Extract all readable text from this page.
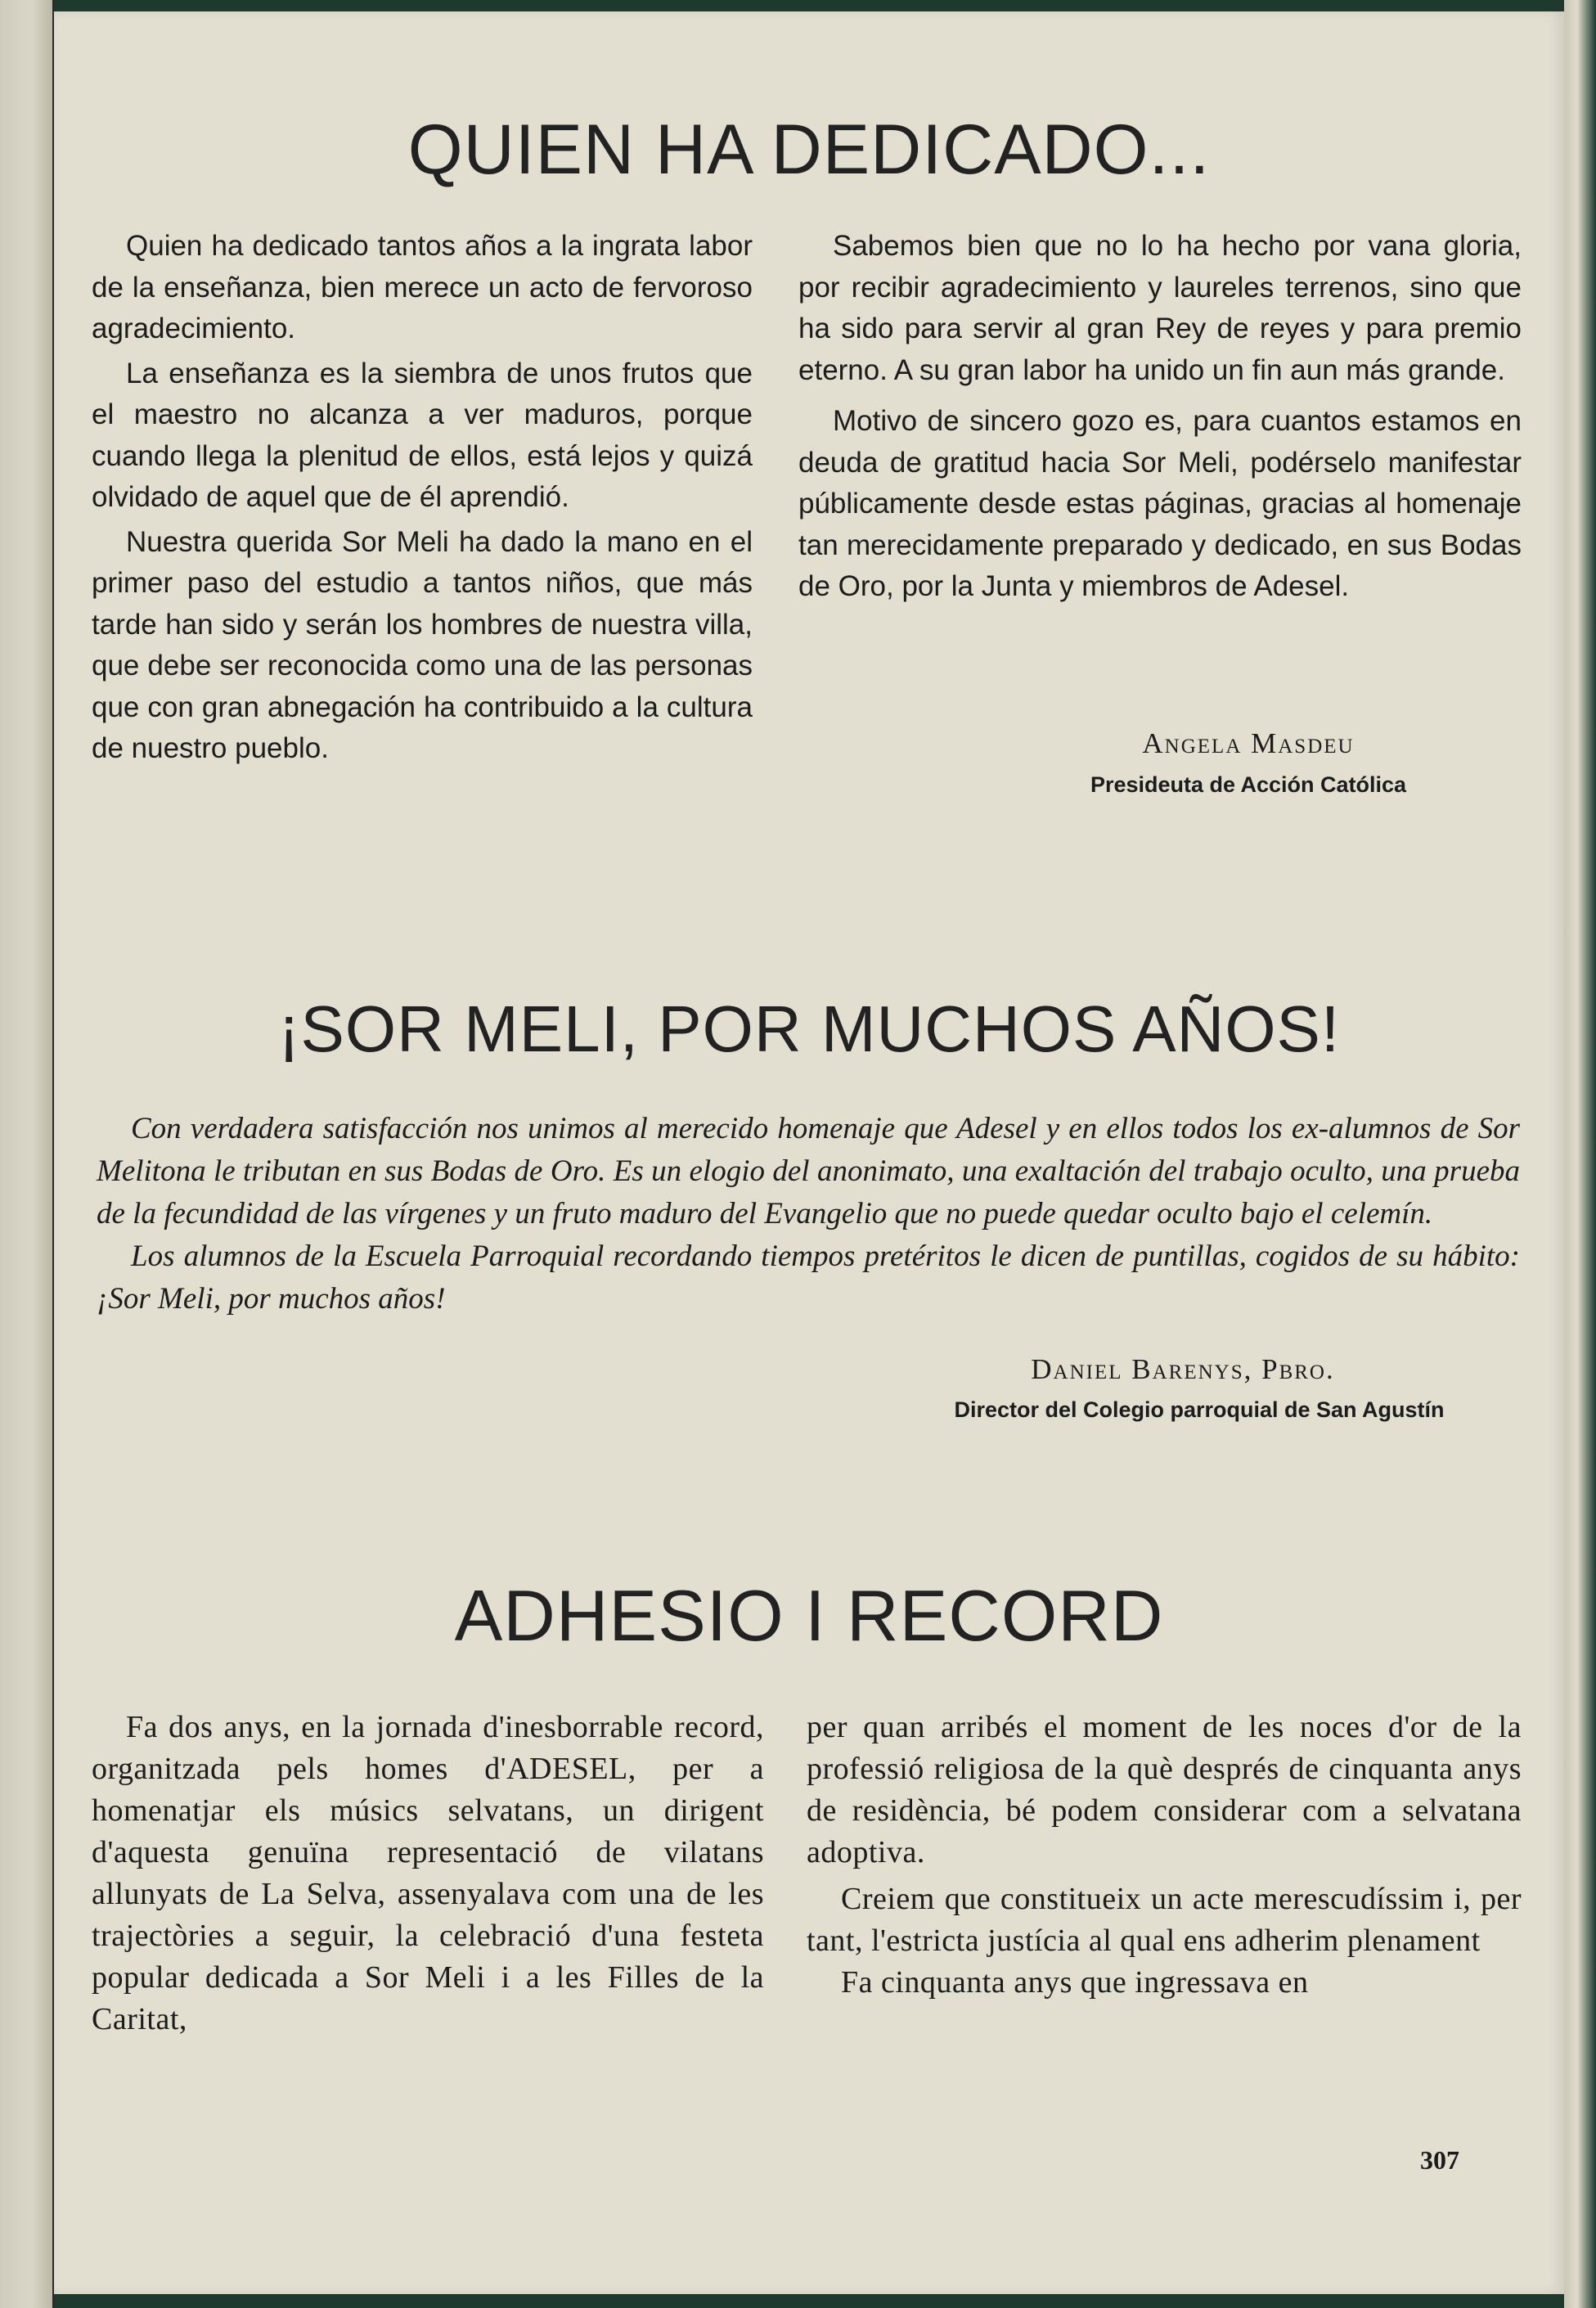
QUIEN HA DEDICADO...

Quien ha dedicado tantos años a la ingrata labor de la enseñanza, bien merece un acto de fervoroso agradecimiento.

La enseñanza es la siembra de unos frutos que el maestro no alcanza a ver maduros, porque cuando llega la plenitud de ellos, está lejos y quizá olvidado de aquel que de él aprendió.

Nuestra querida Sor Meli ha dado la mano en el primer paso del estudio a tantos niños, que más tarde han sido y serán los hombres de nuestra villa, que debe ser reconocida como una de las personas que con gran abnegación ha contribuido a la cultura de nuestro pueblo.

Sabemos bien que no lo ha hecho por vana gloria, por recibir agradecimiento y laureles terrenos, sino que ha sido para servir al gran Rey de reyes y para premio eterno. A su gran labor ha unido un fin aun más grande.

Motivo de sincero gozo es, para cuantos estamos en deuda de gratitud hacia Sor Meli, podérselo manifestar públicamente desde estas páginas, gracias al homenaje tan merecidamente preparado y dedicado, en sus Bodas de Oro, por la Junta y miembros de Adesel.

Angela Masdeu
Presideuta de Acción Católica
¡SOR MELI, POR MUCHOS AÑOS!

Con verdadera satisfacción nos unimos al merecido homenaje que Adesel y en ellos todos los ex-alumnos de Sor Melitona le tributan en sus Bodas de Oro. Es un elogio del anonimato, una exaltación del trabajo oculto, una prueba de la fecundidad de las vírgenes y un fruto maduro del Evangelio que no puede quedar oculto bajo el celemín.

Los alumnos de la Escuela Parroquial recordando tiempos pretéritos le dicen de puntillas, cogidos de su hábito: ¡Sor Meli, por muchos años!

Daniel Barenys, Pbro.
Director del Colegio parroquial de San Agustín
ADHESIO I RECORD

Fa dos anys, en la jornada d'inesborrable record, organitzada pels homes d'ADESEL, per a homenatjar els músics selvatans, un dirigent d'aquesta genuïna representació de vilatans allunyats de La Selva, assenyalava com una de les trajectòries a seguir, la celebració d'una festeta popular dedicada a Sor Meli i a les Filles de la Caritat,

per quan arribés el moment de les noces d'or de la professió religiosa de la què després de cinquanta anys de residència, bé podem considerar com a selvatana adoptiva.

Creiem que constitueix un acte merescudíssim i, per tant, l'estricta justícia al qual ens adherim plenament

Fa cinquanta anys que ingressava en

307
